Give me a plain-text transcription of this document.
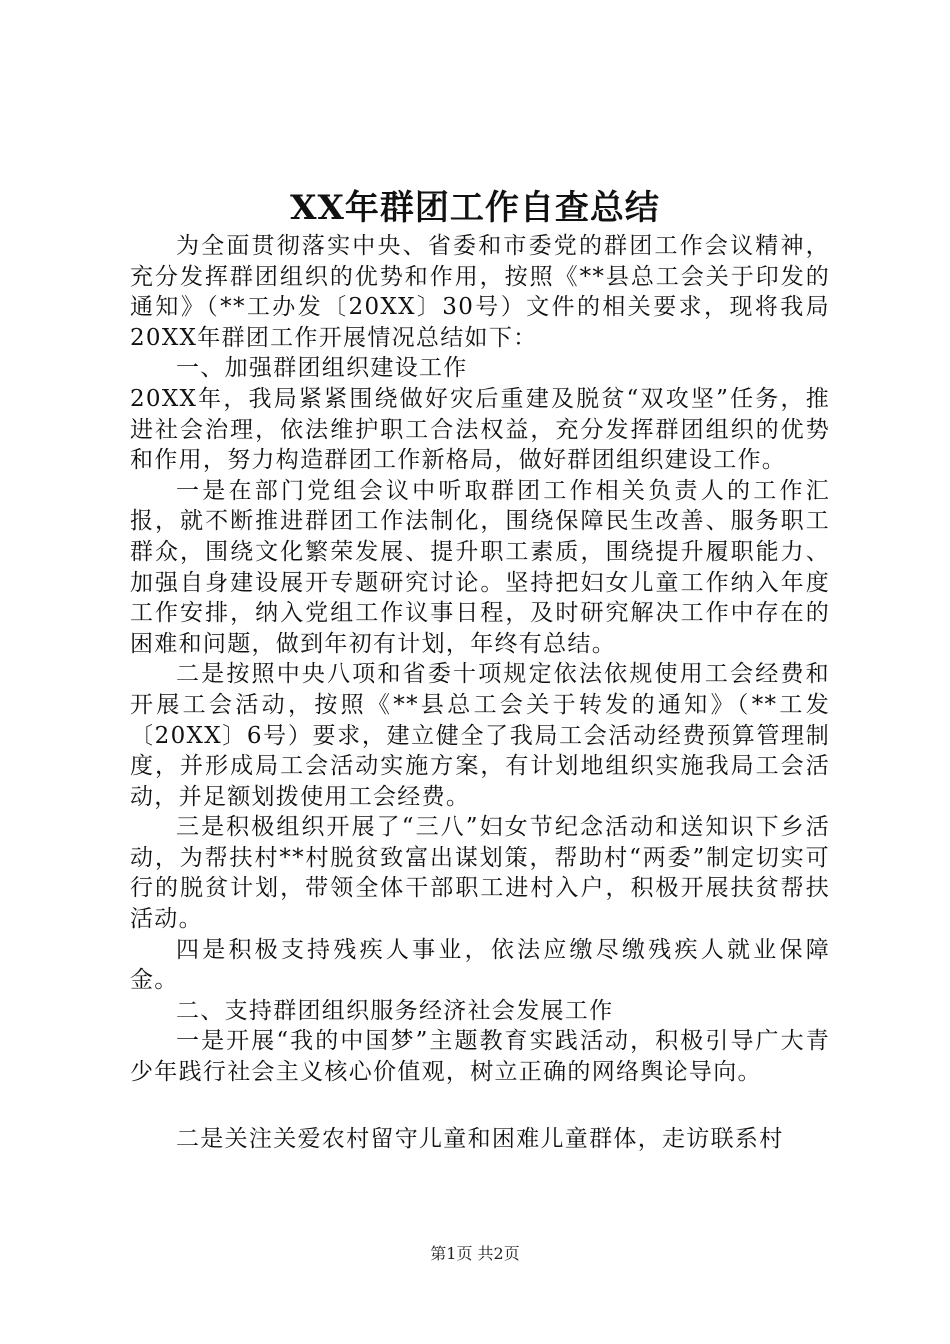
XX年群团工作自查总结

为全面贯彻落实中央、省委和市委党的群团工作会议精神，充分发挥群团组织的优势和作用，按照《**县总工会关于印发的通知》（**工办发〔20XX〕30号）文件的相关要求，现将我局20XX年群团工作开展情况总结如下：

一、加强群团组织建设工作

20XX年，我局紧紧围绕做好灾后重建及脱贫“双攻坚”任务，推进社会治理，依法维护职工合法权益，充分发挥群团组织的优势和作用，努力构造群团工作新格局，做好群团组织建设工作。

一是在部门党组会议中听取群团工作相关负责人的工作汇报，就不断推进群团工作法制化，围绕保障民生改善、服务职工群众，围绕文化繁荣发展、提升职工素质，围绕提升履职能力、加强自身建设展开专题研究讨论。坚持把妇女儿童工作纳入年度工作安排，纳入党组工作议事日程，及时研究解决工作中存在的困难和问题，做到年初有计划，年终有总结。

二是按照中央八项和省委十项规定依法依规使用工会经费和开展工会活动，按照《**县总工会关于转发的通知》（**工发〔20XX〕6号）要求，建立健全了我局工会活动经费预算管理制度，并形成局工会活动实施方案，有计划地组织实施我局工会活动，并足额划拨使用工会经费。

三是积极组织开展了“三八”妇女节纪念活动和送知识下乡活动，为帮扶村**村脱贫致富出谋划策，帮助村“两委”制定切实可行的脱贫计划，带领全体干部职工进村入户，积极开展扶贫帮扶活动。

四是积极支持残疾人事业，依法应缴尽缴残疾人就业保障金。

二、支持群团组织服务经济社会发展工作

一是开展“我的中国梦”主题教育实践活动，积极引导广大青少年践行社会主义核心价值观，树立正确的网络舆论导向。

二是关注关爱农村留守儿童和困难儿童群体，走访联系村

第1页 共2页
